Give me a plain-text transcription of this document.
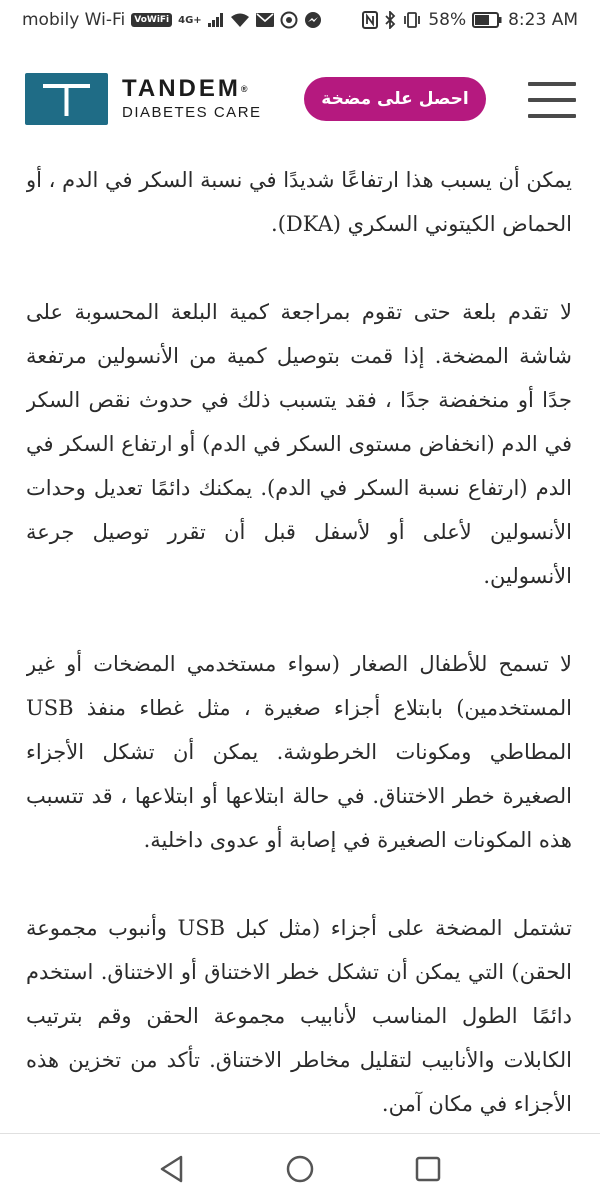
mobily Wi-Fi	VoWiFi 4G+	58% 8:23 AM
TANDEM®
DIABETES CARE
احصل على مضخة

يمكن أن يسبب هذا ارتفاعًا شديدًا في نسبة السكر في الدم ، أو الحماض الكيتوني السكري (DKA).

لا تقدم بلعة حتى تقوم بمراجعة كمية البلعة المحسوبة على شاشة المضخة. إذا قمت بتوصيل كمية من الأنسولين مرتفعة جدًا أو منخفضة جدًا ، فقد يتسبب ذلك في حدوث نقص السكر في الدم (انخفاض مستوى السكر في الدم) أو ارتفاع السكر في الدم (ارتفاع نسبة السكر في الدم). يمكنك دائمًا تعديل وحدات الأنسولين لأعلى أو لأسفل قبل أن تقرر توصيل جرعة الأنسولين.

لا تسمح للأطفال الصغار (سواء مستخدمي المضخات أو غير المستخدمين) بابتلاع أجزاء صغيرة ، مثل غطاء منفذ USB المطاطي ومكونات الخرطوشة. يمكن أن تشكل الأجزاء الصغيرة خطر الاختناق. في حالة ابتلاعها أو ابتلاعها ، قد تتسبب هذه المكونات الصغيرة في إصابة أو عدوى داخلية.

تشتمل المضخة على أجزاء (مثل كبل USB وأنبوب مجموعة الحقن) التي يمكن أن تشكل خطر الاختناق أو الاختناق. استخدم دائمًا الطول المناسب لأنابيب مجموعة الحقن وقم بترتيب الكابلات والأنابيب لتقليل مخاطر الاختناق. تأكد من تخزين هذه الأجزاء في مكان آمن.
